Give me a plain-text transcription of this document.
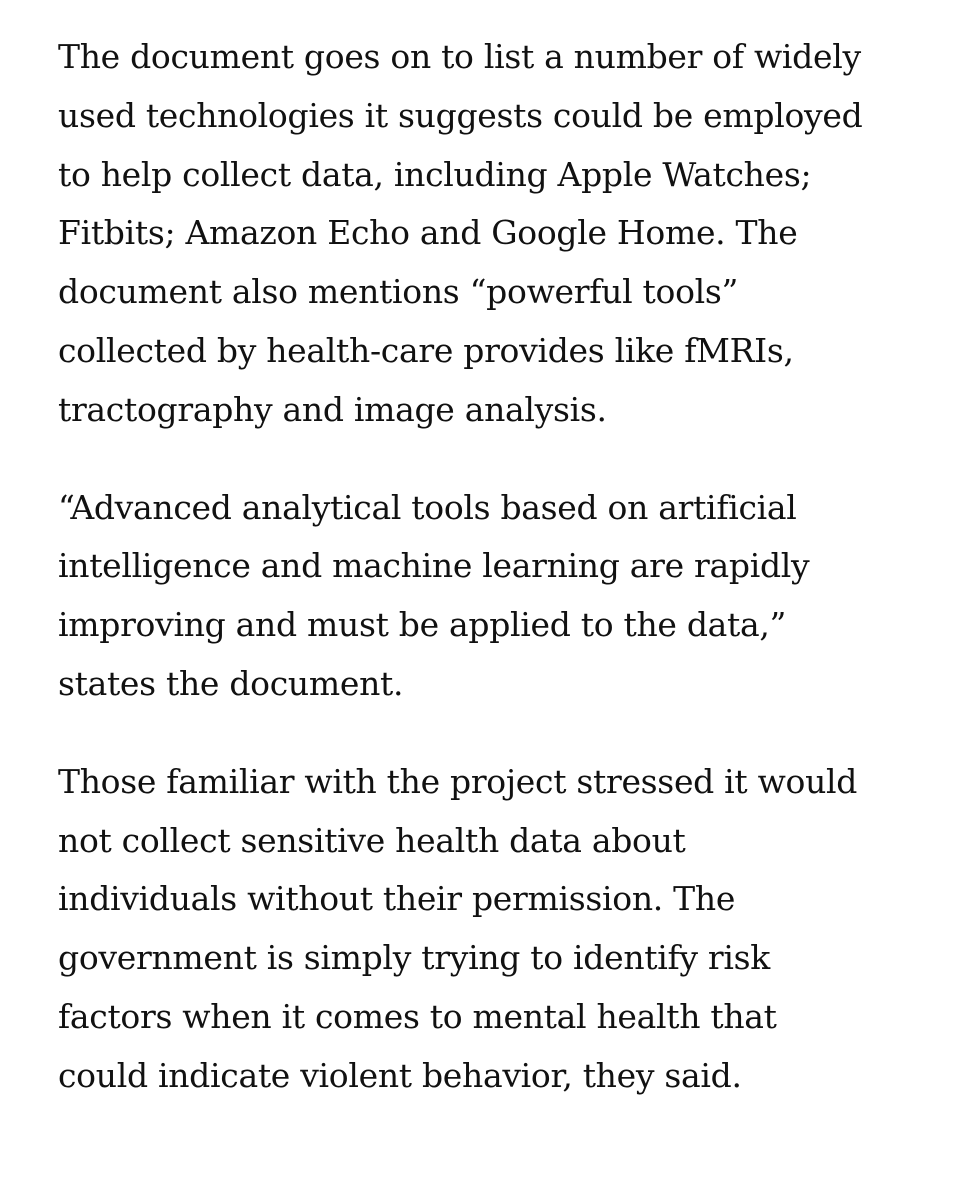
The document goes on to list a number of widely
used technologies it suggests could be employed
to help collect data, including Apple Watches;
Fitbits; Amazon Echo and Google Home. The
document also mentions “powerful tools”
collected by health-care provides like fMRIs,
tractography and image analysis.

“Advanced analytical tools based on artificial
intelligence and machine learning are rapidly
improving and must be applied to the data,”
states the document.

Those familiar with the project stressed it would
not collect sensitive health data about
individuals without their permission. The
government is simply trying to identify risk
factors when it comes to mental health that
could indicate violent behavior, they said.
